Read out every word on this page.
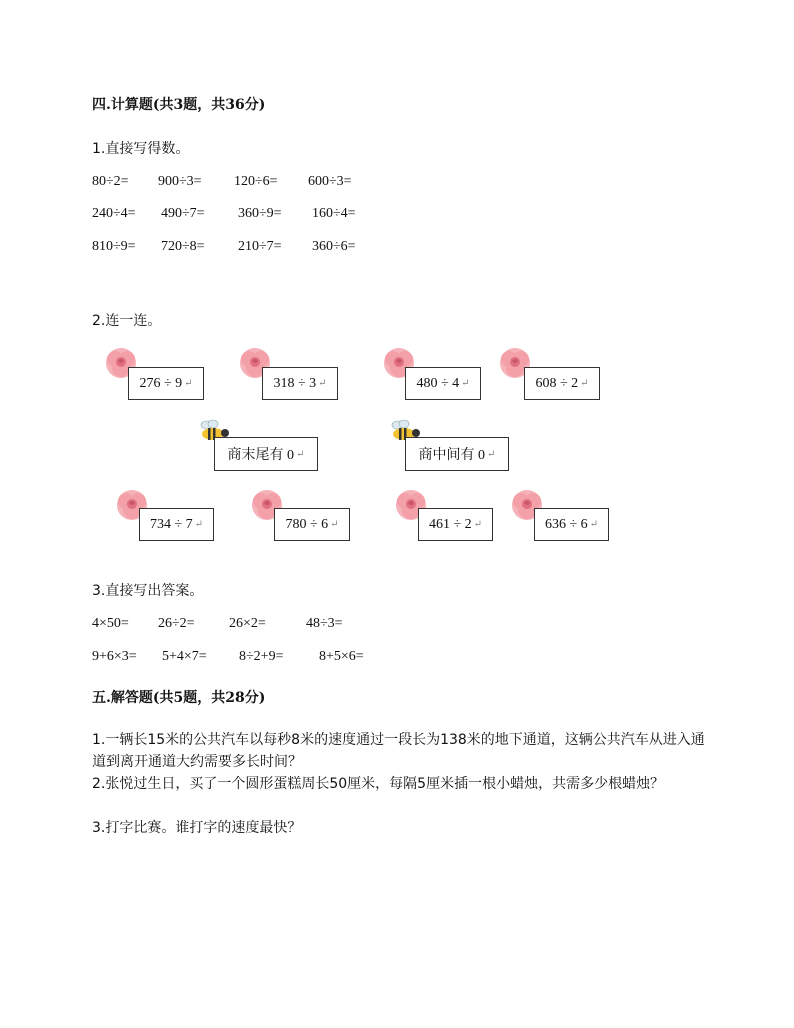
四.计算题(共3题，共36分)
1.直接写得数。
80÷2= 900÷3= 120÷6= 600÷3=
240÷4= 490÷7= 360÷9= 160÷4=
810÷9= 720÷8= 210÷7= 360÷6=
2.连一连。
276 ÷ 9 ↵	318 ÷ 3 ↵	480 ÷ 4 ↵	608 ÷ 2 ↵
商末尾有 0 ↵	商中间有 0 ↵
734 ÷ 7 ↵	780 ÷ 6 ↵	461 ÷ 2 ↵	636 ÷ 6 ↵
3.直接写出答案。
4×50= 26÷2= 26×2=	48÷3=
9+6×3= 5+4×7= 8÷2+9=	8+5×6=
五.解答题(共5题，共28分)
1.一辆长15米的公共汽车以每秒8米的速度通过一段长为138米的地下通道，这辆公共汽车从进入通道到离开通道大约需要多长时间？
2.张悦过生日，买了一个圆形蛋糕周长50厘米，每隔5厘米插一根小蜡烛，共需多少根蜡烛？
3.打字比赛。谁打字的速度最快？
